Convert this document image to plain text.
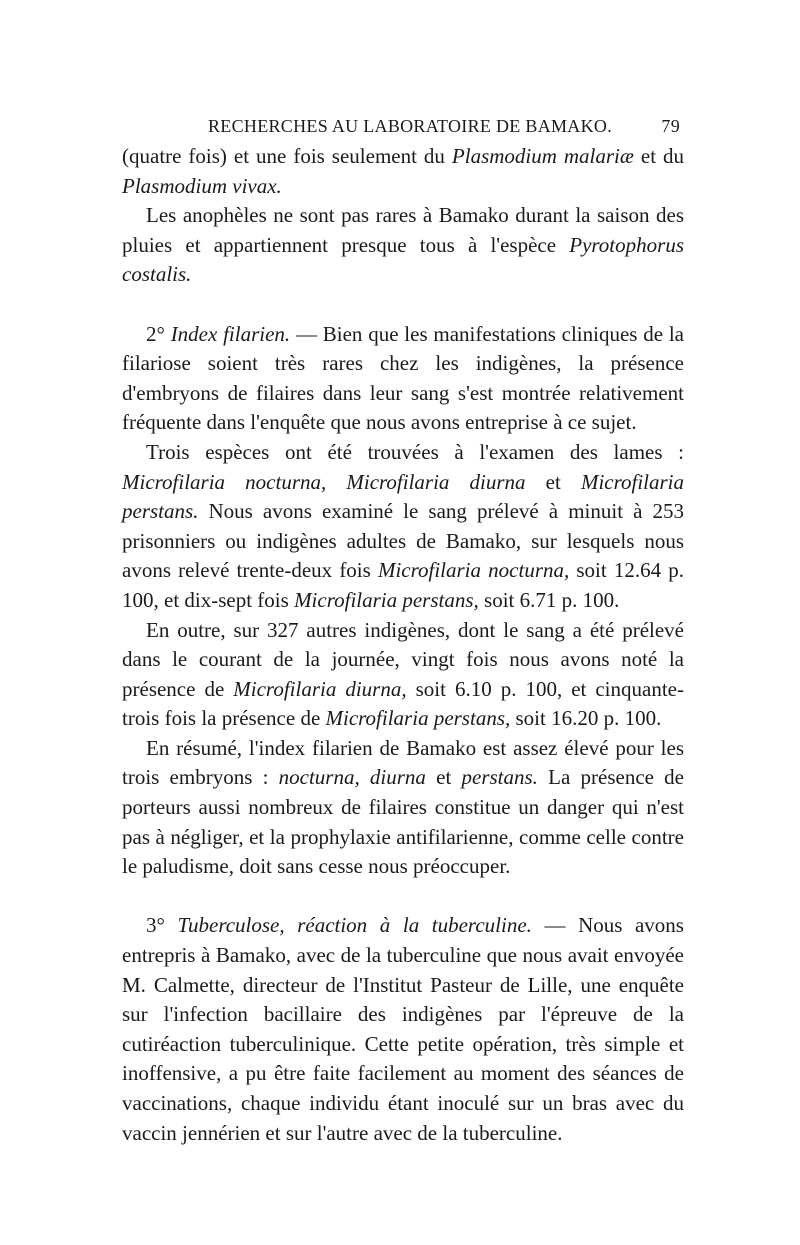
RECHERCHES AU LABORATOIRE DE BAMAKO.	79

(quatre fois) et une fois seulement du Plasmodium malariæ et du Plasmodium vivax.

Les anophèles ne sont pas rares à Bamako durant la saison des pluies et appartiennent presque tous à l'espèce Pyrotophorus costalis.

2° Index filarien. — Bien que les manifestations cliniques de la filariose soient très rares chez les indigènes, la présence d'embryons de filaires dans leur sang s'est montrée relativement fréquente dans l'enquête que nous avons entreprise à ce sujet.

Trois espèces ont été trouvées à l'examen des lames : Microfilaria nocturna, Microfilaria diurna et Microfilaria perstans. Nous avons examiné le sang prélevé à minuit à 253 prisonniers ou indigènes adultes de Bamako, sur lesquels nous avons relevé trente-deux fois Microfilaria nocturna, soit 12.64 p. 100, et dix-sept fois Microfilaria perstans, soit 6.71 p. 100.

En outre, sur 327 autres indigènes, dont le sang a été prélevé dans le courant de la journée, vingt fois nous avons noté la présence de Microfilaria diurna, soit 6.10 p. 100, et cinquante-trois fois la présence de Microfilaria perstans, soit 16.20 p. 100.

En résumé, l'index filarien de Bamako est assez élevé pour les trois embryons : nocturna, diurna et perstans. La présence de porteurs aussi nombreux de filaires constitue un danger qui n'est pas à négliger, et la prophylaxie antifilarienne, comme celle contre le paludisme, doit sans cesse nous préoccuper.

3° Tuberculose, réaction à la tuberculine. — Nous avons entrepris à Bamako, avec de la tuberculine que nous avait envoyée M. Calmette, directeur de l'Institut Pasteur de Lille, une enquête sur l'infection bacillaire des indigènes par l'épreuve de la cutiréaction tuberculinique. Cette petite opération, très simple et inoffensive, a pu être faite facilement au moment des séances de vaccinations, chaque individu étant inoculé sur un bras avec du vaccin jennérien et sur l'autre avec de la tuberculine.
